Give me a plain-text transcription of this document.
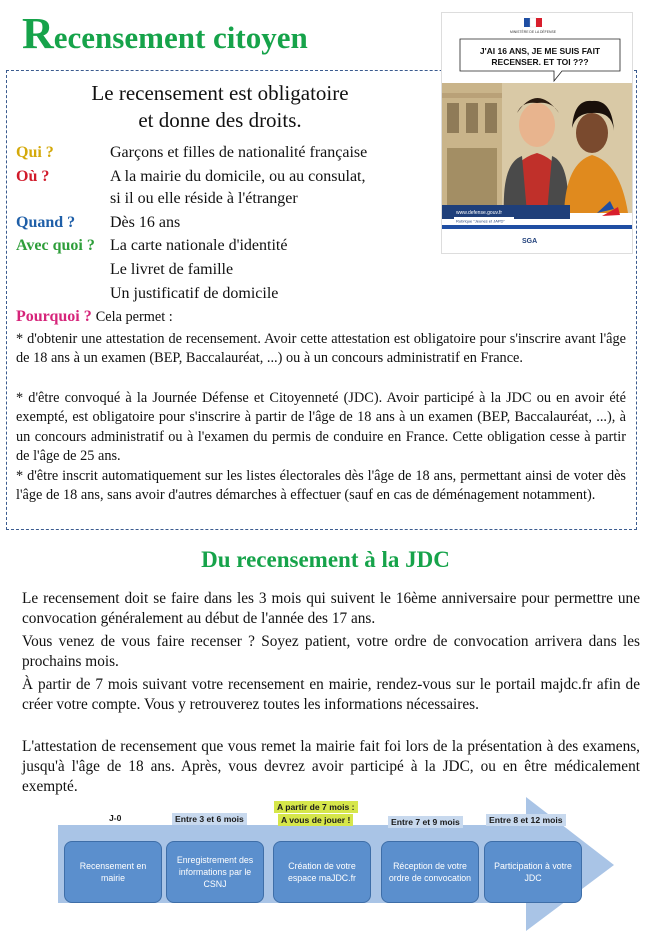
Recensement citoyen	MINISTÈRE DE LA DÉFENSE
J'AI 16 ANS, JE ME SUIS FAIT
RECENSER. ET TOI ???
www.defense.gouv.fr
Rubrique "Jeunes et JAPD"
SGA
Le recensement est obligatoire
et donne des droits.
Qui ?	Garçons et filles de nationalité française
Où ?	A la mairie du domicile, ou au consulat,
si il ou elle réside à l'étranger
Quand ? Dès 16 ans
Avec quoi ? La carte nationale d'identité
Le livret de famille
Un justificatif de domicile
Pourquoi ? Cela permet :
* d'obtenir une attestation de recensement. Avoir cette attestation est obligatoire pour s'inscrire avant l'âge de 18 ans à un examen (BEP, Baccalauréat, ...) ou à un concours administratif en France.
* d'être convoqué à la Journée Défense et Citoyenneté (JDC). Avoir participé à la JDC ou en avoir été exempté, est obligatoire pour s'inscrire à partir de l'âge de 18 ans à un examen (BEP, Baccalauréat, ...), à un concours administratif ou à l'examen du permis de conduire en France. Cette obligation cesse à partir de l'âge de 25 ans.
* d'être inscrit automatiquement sur les listes électorales dès l'âge de 18 ans, permettant ainsi de voter dès l'âge de 18 ans, sans avoir d'autres démarches à effectuer (sauf en cas de déménagement notamment).
Du recensement à la JDC
Le recensement doit se faire dans les 3 mois qui suivent le 16ème anniversaire pour permettre une convocation généralement au début de l'année des 17 ans.
Vous venez de vous faire recenser ? Soyez patient, votre ordre de convocation arrivera dans les prochains mois.
À partir de 7 mois suivant votre recensement en mairie, rendez-vous sur le portail majdc.fr afin de créer votre compte. Vous y retrouverez toutes les informations nécessaires.
L'attestation de recensement que vous remet la mairie fait foi lors de la présentation à des examens, jusqu'à l'âge de 18 ans. Après, vous devrez avoir participé à la JDC, ou en être médicalement exempté.
J-0	Entre 3 et 6 mois
A partir de 7 mois :
A vous de jouer !	Entre 7 et 9 mois	Entre 8 et 12 mois
Recensement en mairie
Enregistrement des informations par le CSNJ
Création de votre espace maJDC.fr
Réception de votre ordre de convocation
Participation à votre JDC
